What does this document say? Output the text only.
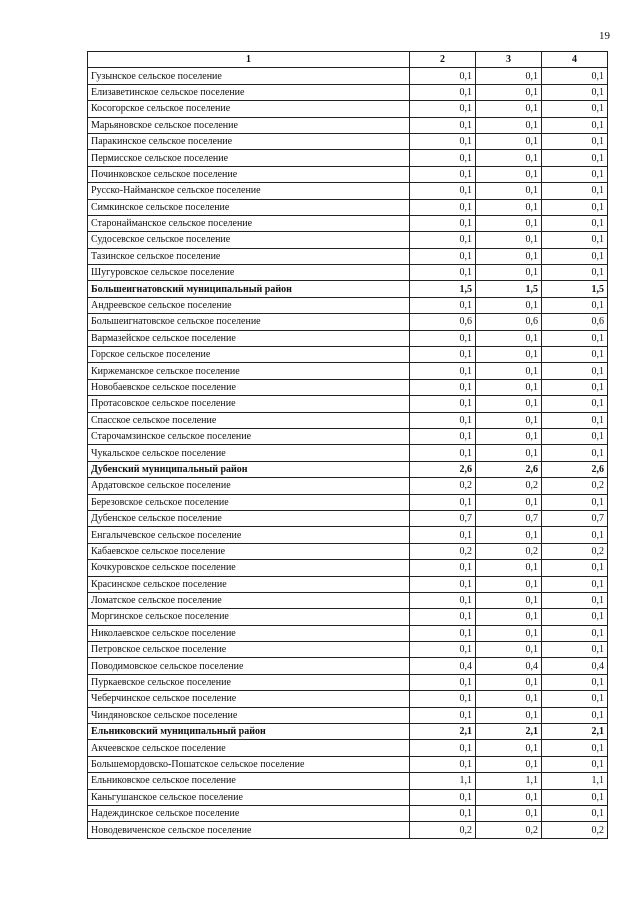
19
1	2	3	4
Гузынское сельское поселение	0,1	0,1	0,1
Елизаветинское сельское поселение	0,1	0,1	0,1
Косогорское сельское поселение	0,1	0,1	0,1
Марьяновское сельское поселение	0,1	0,1	0,1
Паракинское сельское поселение	0,1	0,1	0,1
Пермисское сельское поселение	0,1	0,1	0,1
Починковское сельское поселение	0,1	0,1	0,1
Русско-Найманское сельское поселение	0,1	0,1	0,1
Симкинское сельское поселение	0,1	0,1	0,1
Старонайманское сельское поселение	0,1	0,1	0,1
Судосевское сельское поселение	0,1	0,1	0,1
Тазинское сельское поселение	0,1	0,1	0,1
Шугуровское сельское поселение	0,1	0,1	0,1
Большеигнатовский муниципальный район	1,5	1,5	1,5
Андреевское сельское поселение	0,1	0,1	0,1
Большеигнатовское сельское поселение	0,6	0,6	0,6
Вармазейское сельское поселение	0,1	0,1	0,1
Горское сельское поселение	0,1	0,1	0,1
Киржеманское сельское поселение	0,1	0,1	0,1
Новобаевское сельское поселение	0,1	0,1	0,1
Протасовское сельское поселение	0,1	0,1	0,1
Спасское сельское поселение	0,1	0,1	0,1
Старочамзинское сельское поселение	0,1	0,1	0,1
Чукальское сельское поселение	0,1	0,1	0,1
Дубенский муниципальный район	2,6	2,6	2,6
Ардатовское сельское поселение	0,2	0,2	0,2
Березовское сельское поселение	0,1	0,1	0,1
Дубенское сельское поселение	0,7	0,7	0,7
Енгалычевское сельское поселение	0,1	0,1	0,1
Кабаевское сельское поселение	0,2	0,2	0,2
Кочкуровское сельское поселение	0,1	0,1	0,1
Красинское сельское поселение	0,1	0,1	0,1
Ломатское сельское поселение	0,1	0,1	0,1
Моргинское сельское поселение	0,1	0,1	0,1
Николаевское сельское поселение	0,1	0,1	0,1
Петровское сельское поселение	0,1	0,1	0,1
Поводимовское сельское поселение	0,4	0,4	0,4
Пуркаевское сельское поселение	0,1	0,1	0,1
Чеберчинское сельское поселение	0,1	0,1	0,1
Чиндяновское сельское поселение	0,1	0,1	0,1
Ельниковский муниципальный район	2,1	2,1	2,1
Акчеевское сельское поселение	0,1	0,1	0,1
Большемордовско-Пошатское сельское поселение	0,1	0,1	0,1
Ельниковское сельское поселение	1,1	1,1	1,1
Каньгушанское сельское поселение	0,1	0,1	0,1
Надеждинское сельское поселение	0,1	0,1	0,1
Новодевиченское сельское поселение	0,2	0,2	0,2
